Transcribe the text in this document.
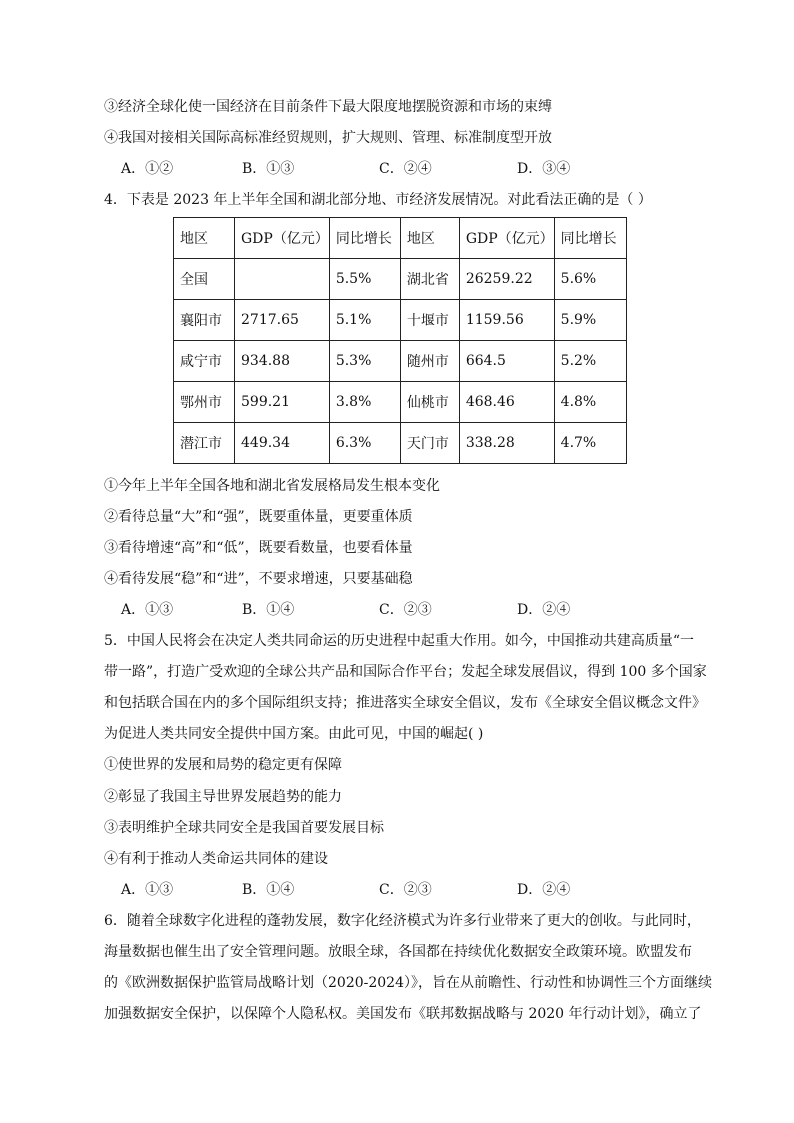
③经济全球化使一国经济在目前条件下最大限度地摆脱资源和市场的束缚
④我国对接相关国际高标准经贸规则，扩大规则、管理、标准制度型开放
A．①②	B．①③	C．②④	D．③④
4．下表是 2023 年上半年全国和湖北部分地、市经济发展情况。对此看法正确的是（ ）
地区	GDP（亿元）	同比增长	地区	GDP（亿元）	同比增长
全国		5.5%	湖北省	26259.22	5.6%
襄阳市	2717.65	5.1%	十堰市	1159.56	5.9%
咸宁市	934.88	5.3%	随州市	664.5	5.2%
鄂州市	599.21	3.8%	仙桃市	468.46	4.8%
潜江市	449.34	6.3%	天门市	338.28	4.7%
①今年上半年全国各地和湖北省发展格局发生根本变化
②看待总量“大”和“强”，既要重体量，更要重体质
③看待增速“高”和“低”，既要看数量，也要看体量
④看待发展“稳”和“进”，不要求增速，只要基础稳
A．①③	B．①④	C．②③	D．②④
5．中国人民将会在决定人类共同命运的历史进程中起重大作用。如今，中国推动共建高质量“一
带一路”，打造广受欢迎的全球公共产品和国际合作平台；发起全球发展倡议，得到 100 多个国家
和包括联合国在内的多个国际组织支持；推进落实全球安全倡议，发布《全球安全倡议概念文件》
为促进人类共同安全提供中国方案。由此可见，中国的崛起( )
①使世界的发展和局势的稳定更有保障
②彰显了我国主导世界发展趋势的能力
③表明维护全球共同安全是我国首要发展目标
④有利于推动人类命运共同体的建设
A．①③	B．①④	C．②③	D．②④
6．随着全球数字化进程的蓬勃发展，数字化经济模式为许多行业带来了更大的创收。与此同时，
海量数据也催生出了安全管理问题。放眼全球，各国都在持续优化数据安全政策环境。欧盟发布
的《欧洲数据保护监管局战略计划（2020-2024）》，旨在从前瞻性、行动性和协调性三个方面继续
加强数据安全保护，以保障个人隐私权。美国发布《联邦数据战略与 2020 年行动计划》，确立了
